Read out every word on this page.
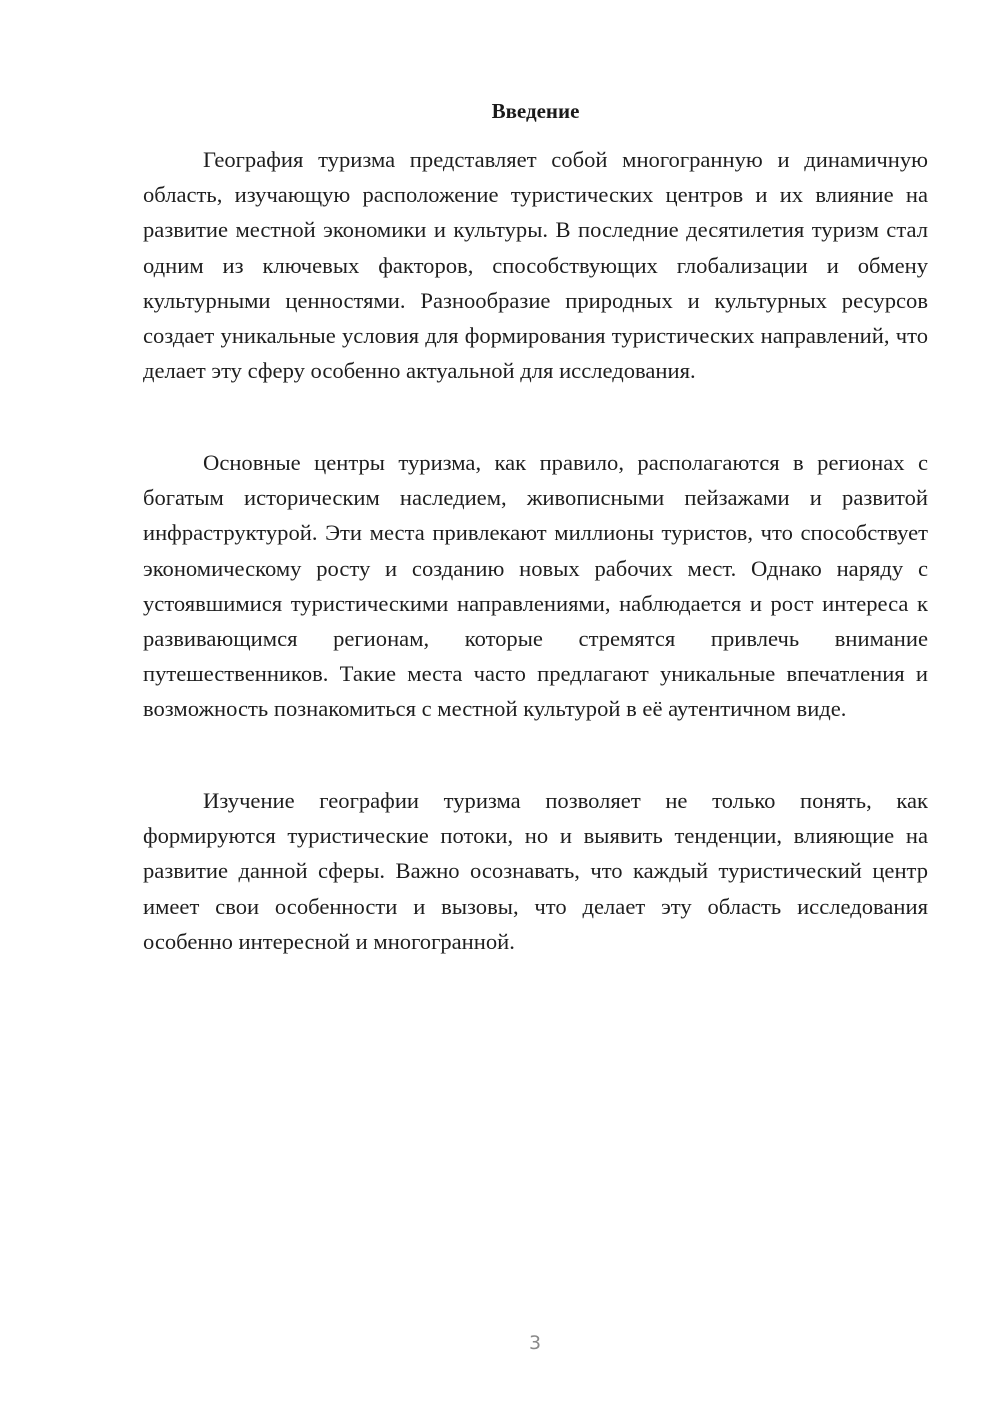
Введение

География туризма представляет собой многогранную и динамичную область, изучающую расположение туристических центров и их влияние на развитие местной экономики и культуры. В последние десятилетия туризм стал одним из ключевых факторов, способствующих глобализации и обмену культурными ценностями. Разнообразие природных и культурных ресурсов создает уникальные условия для формирования туристических направлений, что делает эту сферу особенно актуальной для исследования.

Основные центры туризма, как правило, располагаются в регионах с богатым историческим наследием, живописными пейзажами и развитой инфраструктурой. Эти места привлекают миллионы туристов, что способствует экономическому росту и созданию новых рабочих мест. Однако наряду с устоявшимися туристическими направлениями, наблюдается и рост интереса к развивающимся регионам, которые стремятся привлечь внимание путешественников. Такие места часто предлагают уникальные впечатления и возможность познакомиться с местной культурой в её аутентичном виде.

Изучение географии туризма позволяет не только понять, как формируются туристические потоки, но и выявить тенденции, влияющие на развитие данной сферы. Важно осознавать, что каждый туристический центр имеет свои особенности и вызовы, что делает эту область исследования особенно интересной и многогранной.

3
